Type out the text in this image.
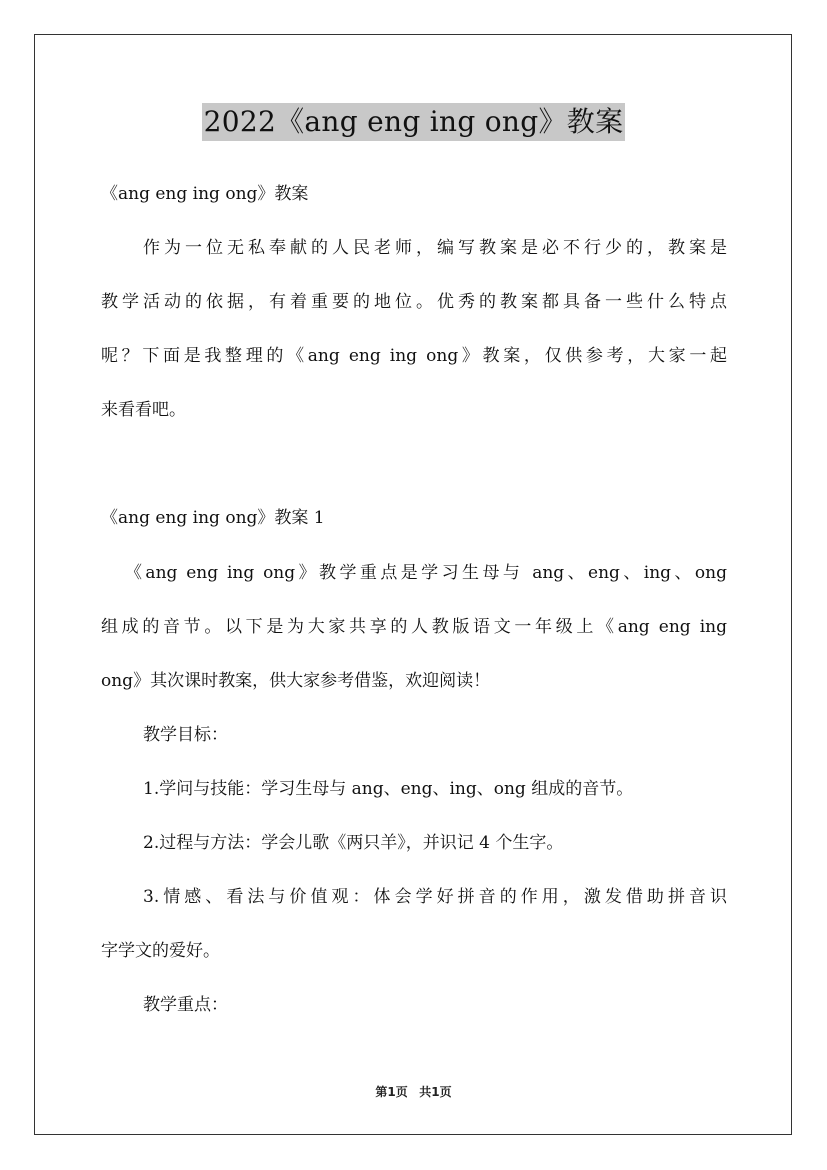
2022《ang eng ing ong》教案
《ang eng ing ong》教案
作为一位无私奉献的人民老师，编写教案是必不行少的，教案是
教学活动的依据，有着重要的地位。优秀的教案都具备一些什么特点
呢？下面是我整理的《ang eng ing ong》教案，仅供参考，大家一起
来看看吧。
《ang eng ing ong》教案 1
《ang eng ing ong》教学重点是学习生母与 ang、eng、ing、ong
组成的音节。以下是为大家共享的人教版语文一年级上《ang eng ing
ong》其次课时教案，供大家参考借鉴，欢迎阅读！
教学目标：
1.学问与技能：学习生母与 ang、eng、ing、ong 组成的音节。
2.过程与方法：学会儿歌《两只羊》，并识记 4 个生字。
3.情感、看法与价值观：体会学好拼音的作用，激发借助拼音识
字学文的爱好。
教学重点：
第1页 共1页
